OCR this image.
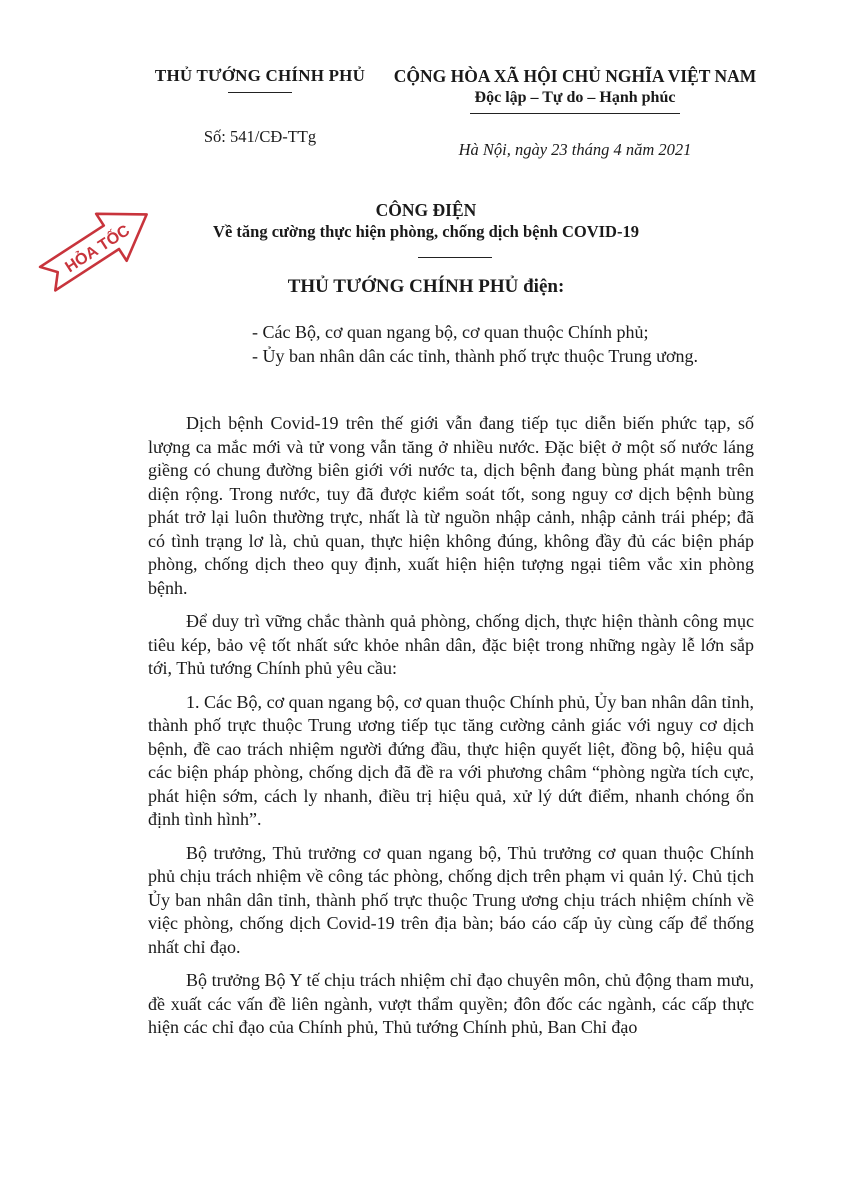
THỦ TƯỚNG CHÍNH PHỦ
Số: 541/CĐ-TTg
CỘNG HÒA XÃ HỘI CHỦ NGHĨA VIỆT NAM
Độc lập – Tự do – Hạnh phúc
Hà Nội, ngày 23 tháng 4 năm 2021
HỎA TỐC
CÔNG ĐIỆN
Về tăng cường thực hiện phòng, chống dịch bệnh COVID-19
THỦ TƯỚNG CHÍNH PHỦ điện:
- Các Bộ, cơ quan ngang bộ, cơ quan thuộc Chính phủ;
- Ủy ban nhân dân các tỉnh, thành phố trực thuộc Trung ương.

Dịch bệnh Covid-19 trên thế giới vẫn đang tiếp tục diễn biến phức tạp, số lượng ca mắc mới và tử vong vẫn tăng ở nhiều nước. Đặc biệt ở một số nước láng giềng có chung đường biên giới với nước ta, dịch bệnh đang bùng phát mạnh trên diện rộng. Trong nước, tuy đã được kiểm soát tốt, song nguy cơ dịch bệnh bùng phát trở lại luôn thường trực, nhất là từ nguồn nhập cảnh, nhập cảnh trái phép; đã có tình trạng lơ là, chủ quan, thực hiện không đúng, không đầy đủ các biện pháp phòng, chống dịch theo quy định, xuất hiện hiện tượng ngại tiêm vắc xin phòng bệnh.

Để duy trì vững chắc thành quả phòng, chống dịch, thực hiện thành công mục tiêu kép, bảo vệ tốt nhất sức khỏe nhân dân, đặc biệt trong những ngày lễ lớn sắp tới, Thủ tướng Chính phủ yêu cầu:

1. Các Bộ, cơ quan ngang bộ, cơ quan thuộc Chính phủ, Ủy ban nhân dân tỉnh, thành phố trực thuộc Trung ương tiếp tục tăng cường cảnh giác với nguy cơ dịch bệnh, đề cao trách nhiệm người đứng đầu, thực hiện quyết liệt, đồng bộ, hiệu quả các biện pháp phòng, chống dịch đã đề ra với phương châm “phòng ngừa tích cực, phát hiện sớm, cách ly nhanh, điều trị hiệu quả, xử lý dứt điểm, nhanh chóng ổn định tình hình”.

Bộ trưởng, Thủ trưởng cơ quan ngang bộ, Thủ trưởng cơ quan thuộc Chính phủ chịu trách nhiệm về công tác phòng, chống dịch trên phạm vi quản lý. Chủ tịch Ủy ban nhân dân tỉnh, thành phố trực thuộc Trung ương chịu trách nhiệm chính về việc phòng, chống dịch Covid-19 trên địa bàn; báo cáo cấp ủy cùng cấp để thống nhất chỉ đạo.

Bộ trưởng Bộ Y tế chịu trách nhiệm chỉ đạo chuyên môn, chủ động tham mưu, đề xuất các vấn đề liên ngành, vượt thẩm quyền; đôn đốc các ngành, các cấp thực hiện các chỉ đạo của Chính phủ, Thủ tướng Chính phủ, Ban Chỉ đạo
